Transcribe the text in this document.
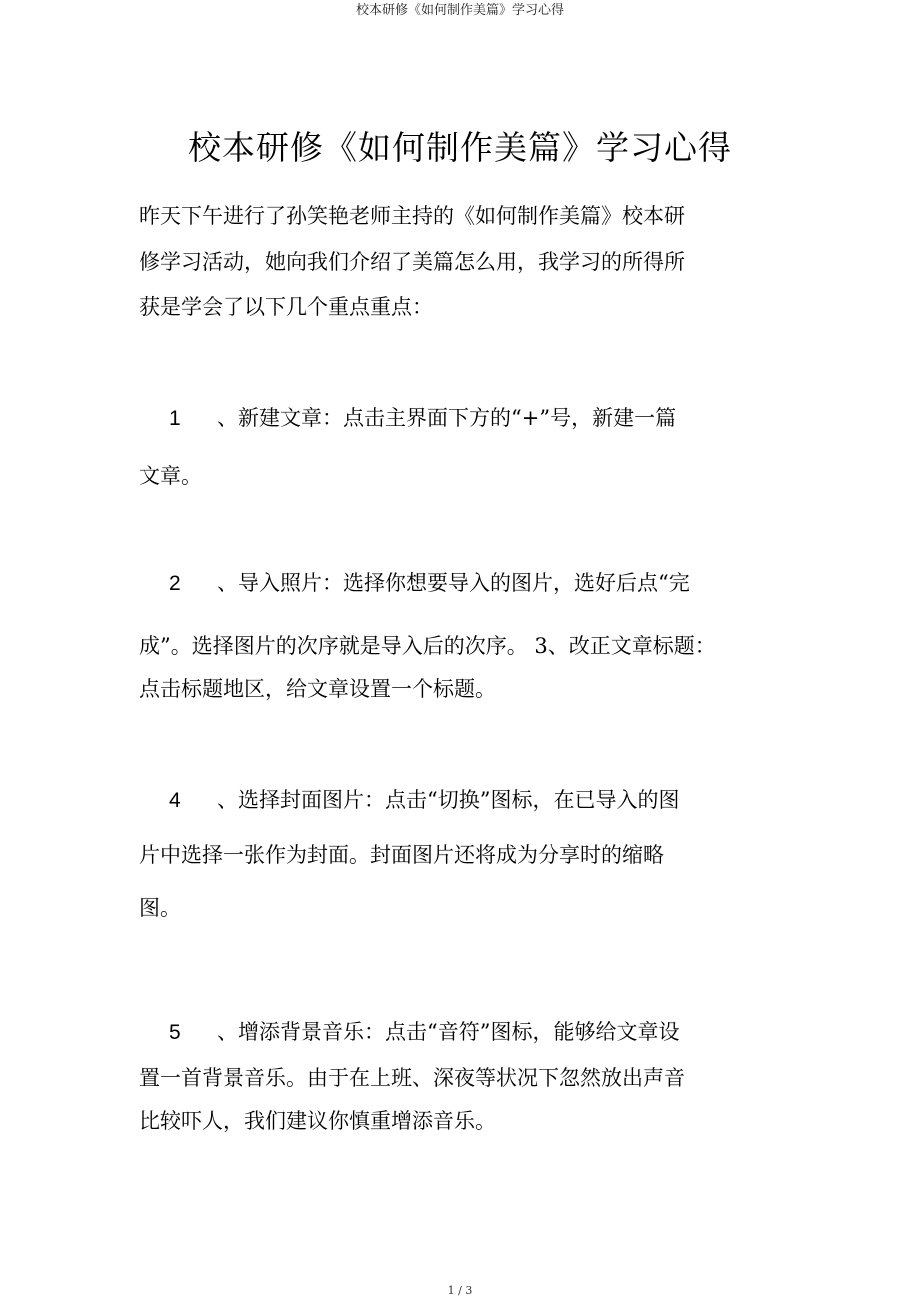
校本研修《如何制作美篇》学习心得
校本研修《如何制作美篇》学习心得
昨天下午进行了孙笑艳老师主持的《如何制作美篇》校本研
修学习活动，她向我们介绍了美篇怎么用，我学习的所得所
获是学会了以下几个重点重点：
1 、新建文章：点击主界面下方的“+”号，新建一篇
文章。
2 、导入照片：选择你想要导入的图片，选好后点“完
成”。选择图片的次序就是导入后的次序。 3、改正文章标题：
点击标题地区，给文章设置一个标题。
4 、选择封面图片：点击“切换”图标，在已导入的图
片中选择一张作为封面。封面图片还将成为分享时的缩略
图。
5 、增添背景音乐：点击“音符”图标，能够给文章设
置一首背景音乐。由于在上班、深夜等状况下忽然放出声音
比较吓人，我们建议你慎重增添音乐。
1 / 3
